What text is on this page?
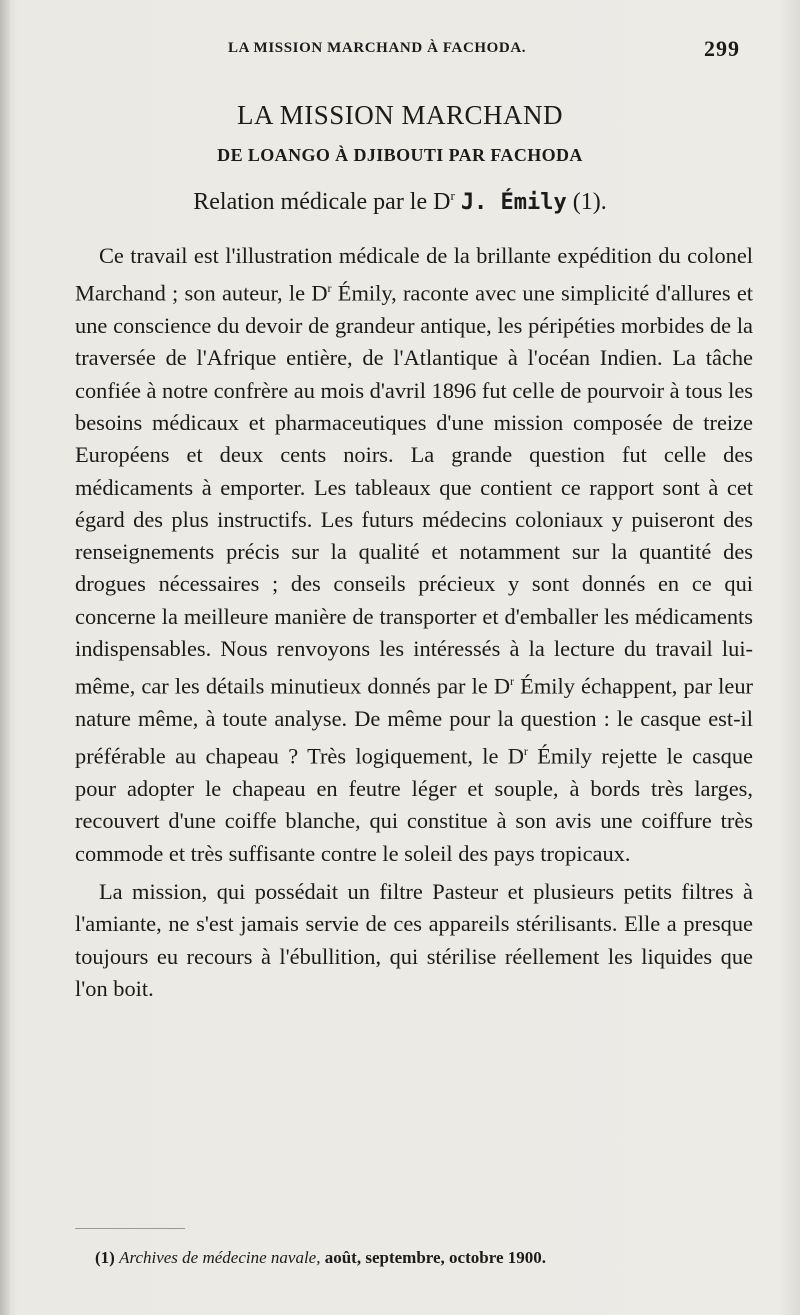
LA MISSION MARCHAND À FACHODA.	299
LA MISSION MARCHAND
DE LOANGO À DJIBOUTI PAR FACHODA
Relation médicale par le $D^r$ J. Émily (1).

Ce travail est l'illustration médicale de la brillante expédition du colonel Marchand ; son auteur, le $D^r$ Émily, raconte avec une simplicité d'allures et une conscience du devoir de grandeur antique, les péripéties morbides de la traversée de l'Afrique entière, de l'Atlantique à l'océan Indien. La tâche confiée à notre confrère au mois d'avril 1896 fut celle de pourvoir à tous les besoins médicaux et pharmaceutiques d'une mission composée de treize Européens et deux cents noirs. La grande question fut celle des médicaments à emporter. Les tableaux que contient ce rapport sont à cet égard des plus instructifs. Les futurs médecins coloniaux y puiseront des renseignements précis sur la qualité et notamment sur la quantité des drogues nécessaires ; des conseils précieux y sont donnés en ce qui concerne la meilleure manière de transporter et d'emballer les médicaments indispensables. Nous renvoyons les intéressés à la lecture du travail lui-même, car les détails minutieux donnés par le $D^r$ Émily échappent, par leur nature même, à toute analyse. De même pour la question : le casque est-il préférable au chapeau ? Très logiquement, le $D^r$ Émily rejette le casque pour adopter le chapeau en feutre léger et souple, à bords très larges, recouvert d'une coiffe blanche, qui constitue à son avis une coiffure très commode et très suffisante contre le soleil des pays tropicaux.

La mission, qui possédait un filtre Pasteur et plusieurs petits filtres à l'amiante, ne s'est jamais servie de ces appareils stérilisants. Elle a presque toujours eu recours à l'ébullition, qui stérilise réellement les liquides que l'on boit.

(1) Archives de médecine navale, août, septembre, octobre 1900.
